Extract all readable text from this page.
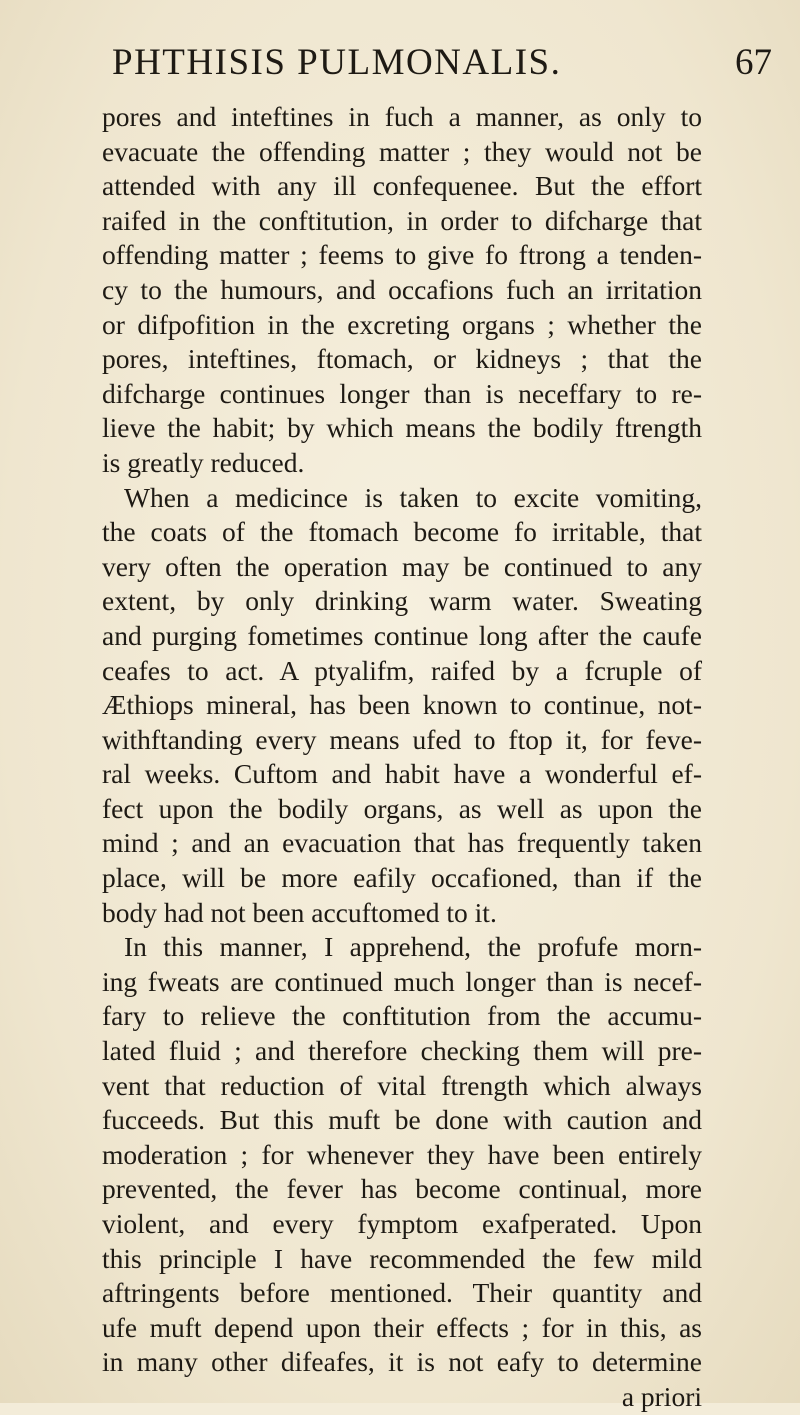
PHTHISIS PULMONALIS.	67
pores and inteftines in fuch a manner, as only to
evacuate the offending matter ; they would not be
attended with any ill confequenee. But the effort
raifed in the conftitution, in order to difcharge that
offending matter ; feems to give fo ftrong a tenden-
cy to the humours, and occafions fuch an irritation
or difpofition in the excreting organs ; whether the
pores, inteftines, ftomach, or kidneys ; that the
difcharge continues longer than is neceffary to re-
lieve the habit; by which means the bodily ftrength
is greatly reduced.
When a medicince is taken to excite vomiting,
the coats of the ftomach become fo irritable, that
very often the operation may be continued to any
extent, by only drinking warm water. Sweating
and purging fometimes continue long after the caufe
ceafes to act. A ptyalifm, raifed by a fcruple of
Æthiops mineral, has been known to continue, not-
withftanding every means ufed to ftop it, for feve-
ral weeks. Cuftom and habit have a wonderful ef-
fect upon the bodily organs, as well as upon the
mind ; and an evacuation that has frequently taken
place, will be more eafily occafioned, than if the
body had not been accuftomed to it.
In this manner, I apprehend, the profufe morn-
ing fweats are continued much longer than is necef-
fary to relieve the conftitution from the accumu-
lated fluid ; and therefore checking them will pre-
vent that reduction of vital ftrength which always
fucceeds. But this muft be done with caution and
moderation ; for whenever they have been entirely
prevented, the fever has become continual, more
violent, and every fymptom exafperated. Upon
this principle I have recommended the few mild
aftringents before mentioned. Their quantity and
ufe muft depend upon their effects ; for in this, as
in many other difeafes, it is not eafy to determine
a priori
